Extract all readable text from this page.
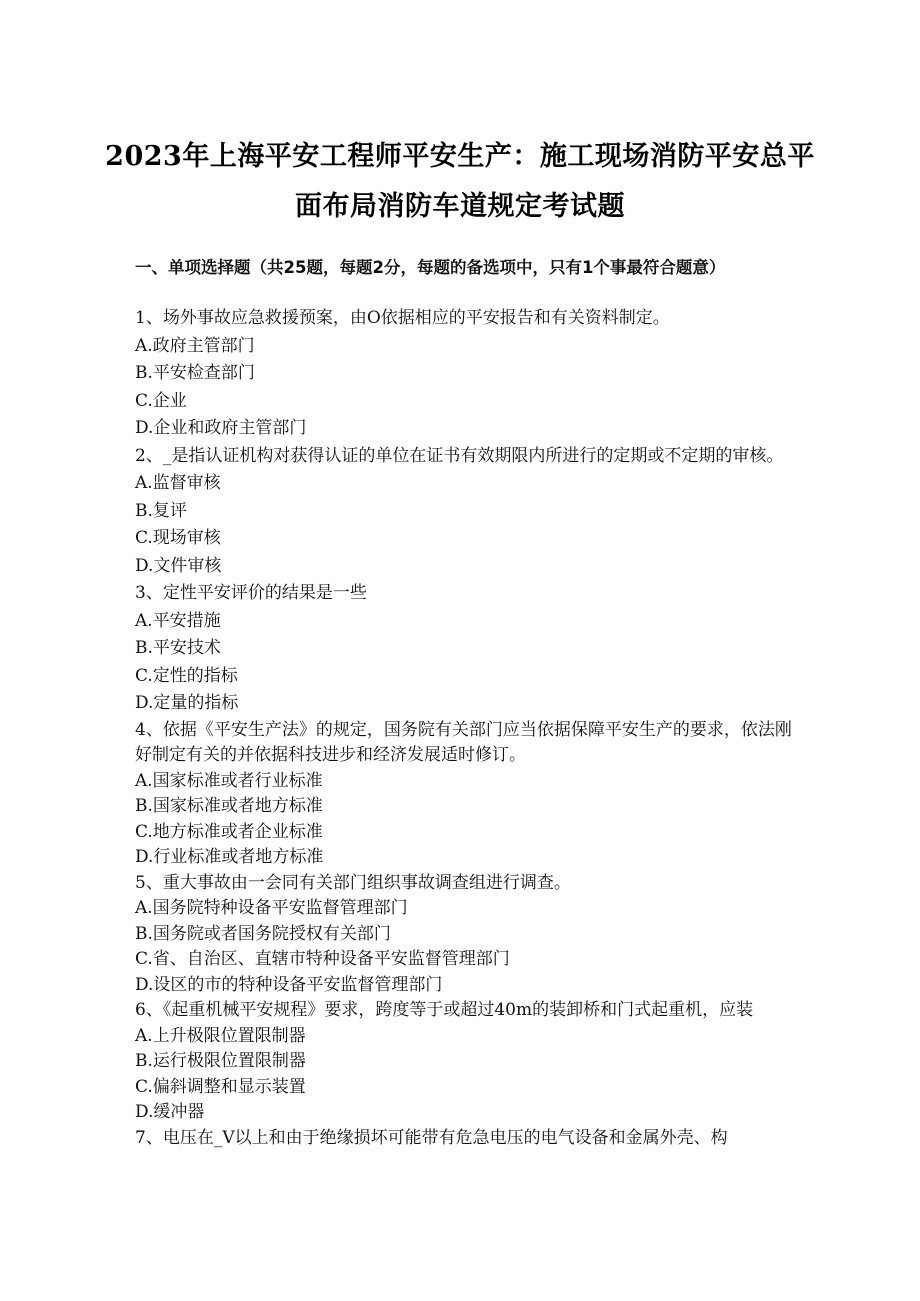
2023年上海平安工程师平安生产：施工现场消防平安总平
面布局消防车道规定考试题
一、单项选择题（共25题，每题2分，每题的备选项中，只有1个事最符合题意）

1、场外事故应急救援预案，由O依据相应的平安报告和有关资料制定。

A.政府主管部门

B.平安检查部门

C.企业

D.企业和政府主管部门

2、_是指认证机构对获得认证的单位在证书有效期限内所进行的定期或不定期的审核。

A.监督审核

B.复评

C.现场审核

D.文件审核

3、定性平安评价的结果是一些

A.平安措施

B.平安技术

C.定性的指标

D.定量的指标

4、依据《平安生产法》的规定，国务院有关部门应当依据保障平安生产的要求，依法刚好制定有关的并依据科技进步和经济发展适时修订。

A.国家标准或者行业标准

B.国家标准或者地方标准

C.地方标准或者企业标准

D.行业标准或者地方标准

5、重大事故由一会同有关部门组织事故调查组进行调查。

A.国务院特种设备平安监督管理部门

B.国务院或者国务院授权有关部门

C.省、自治区、直辖市特种设备平安监督管理部门

D.设区的市的特种设备平安监督管理部门

6、《起重机械平安规程》要求，跨度等于或超过40m的装卸桥和门式起重机，应装

A.上升极限位置限制器

B.运行极限位置限制器

C.偏斜调整和显示装置

D.缓冲器

7、电压在_V以上和由于绝缘损坏可能带有危急电压的电气设备和金属外壳、构
